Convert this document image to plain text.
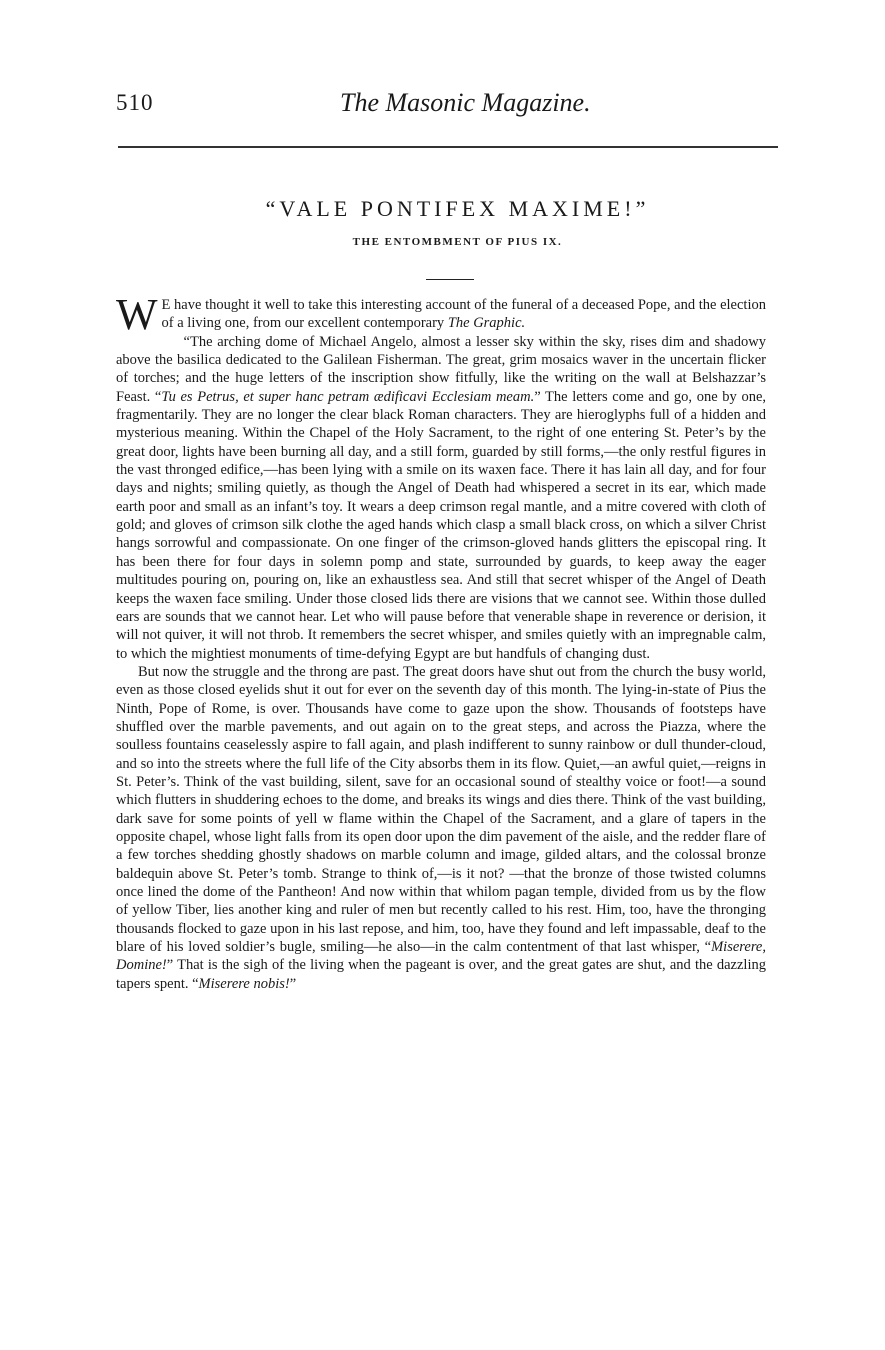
510	The Masonic Magazine.
“VALE PONTIFEX MAXIME!”
THE ENTOMBMENT OF PIUS IX.

W E have thought it well to take this interesting account of the funeral of a deceased Pope, and the election of a living one, from our excellent contemporary The Graphic.

“The arching dome of Michael Angelo, almost a lesser sky within the sky, rises dim and shadowy above the basilica dedicated to the Galilean Fisherman. The great, grim mosaics waver in the uncertain flicker of torches; and the huge letters of the inscription show fitfully, like the writing on the wall at Belshazzar’s Feast. “Tu es Petrus, et super hanc petram ædificavi Ecclesiam meam.” The letters come and go, one by one, fragmentarily. They are no longer the clear black Roman characters. They are hieroglyphs full of a hidden and mysterious meaning. Within the Chapel of the Holy Sacrament, to the right of one entering St. Peter’s by the great door, lights have been burning all day, and a still form, guarded by still forms,—the only restful figures in the vast thronged edifice,—has been lying with a smile on its waxen face. There it has lain all day, and for four days and nights; smiling quietly, as though the Angel of Death had whispered a secret in its ear, which made earth poor and small as an infant’s toy. It wears a deep crimson regal mantle, and a mitre covered with cloth of gold; and gloves of crimson silk clothe the aged hands which clasp a small black cross, on which a silver Christ hangs sorrowful and compassionate. On one finger of the crimson-gloved hands glitters the episcopal ring. It has been there for four days in solemn pomp and state, surrounded by guards, to keep away the eager multitudes pouring on, pouring on, like an exhaustless sea. And still that secret whisper of the Angel of Death keeps the waxen face smiling. Under those closed lids there are visions that we cannot see. Within those dulled ears are sounds that we cannot hear. Let who will pause before that venerable shape in reverence or derision, it will not quiver, it will not throb. It remembers the secret whisper, and smiles quietly with an impregnable calm, to which the mightiest monuments of time-defying Egypt are but handfuls of changing dust.

But now the struggle and the throng are past. The great doors have shut out from the church the busy world, even as those closed eyelids shut it out for ever on the seventh day of this month. The lying-in-state of Pius the Ninth, Pope of Rome, is over. Thousands have come to gaze upon the show. Thousands of footsteps have shuffled over the marble pavements, and out again on to the great steps, and across the Piazza, where the soulless fountains ceaselessly aspire to fall again, and plash indifferent to sunny rainbow or dull thunder-cloud, and so into the streets where the full life of the City absorbs them in its flow. Quiet,—an awful quiet,—reigns in St. Peter’s. Think of the vast building, silent, save for an occasional sound of stealthy voice or foot!—a sound which flutters in shuddering echoes to the dome, and breaks its wings and dies there. Think of the vast building, dark save for some points of yell w flame within the Chapel of the Sacrament, and a glare of tapers in the opposite chapel, whose light falls from its open door upon the dim pavement of the aisle, and the redder flare of a few torches shedding ghostly shadows on marble column and image, gilded altars, and the colossal bronze baldequin above St. Peter’s tomb. Strange to think of,—is it not? —that the bronze of those twisted columns once lined the dome of the Pantheon! And now within that whilom pagan temple, divided from us by the flow of yellow Tiber, lies another king and ruler of men but recently called to his rest. Him, too, have the thronging thousands flocked to gaze upon in his last repose, and him, too, have they found and left impassable, deaf to the blare of his loved soldier’s bugle, smiling—he also—in the calm contentment of that last whisper, “Miserere, Domine!” That is the sigh of the living when the pageant is over, and the great gates are shut, and the dazzling tapers spent. “Miserere nobis!”
